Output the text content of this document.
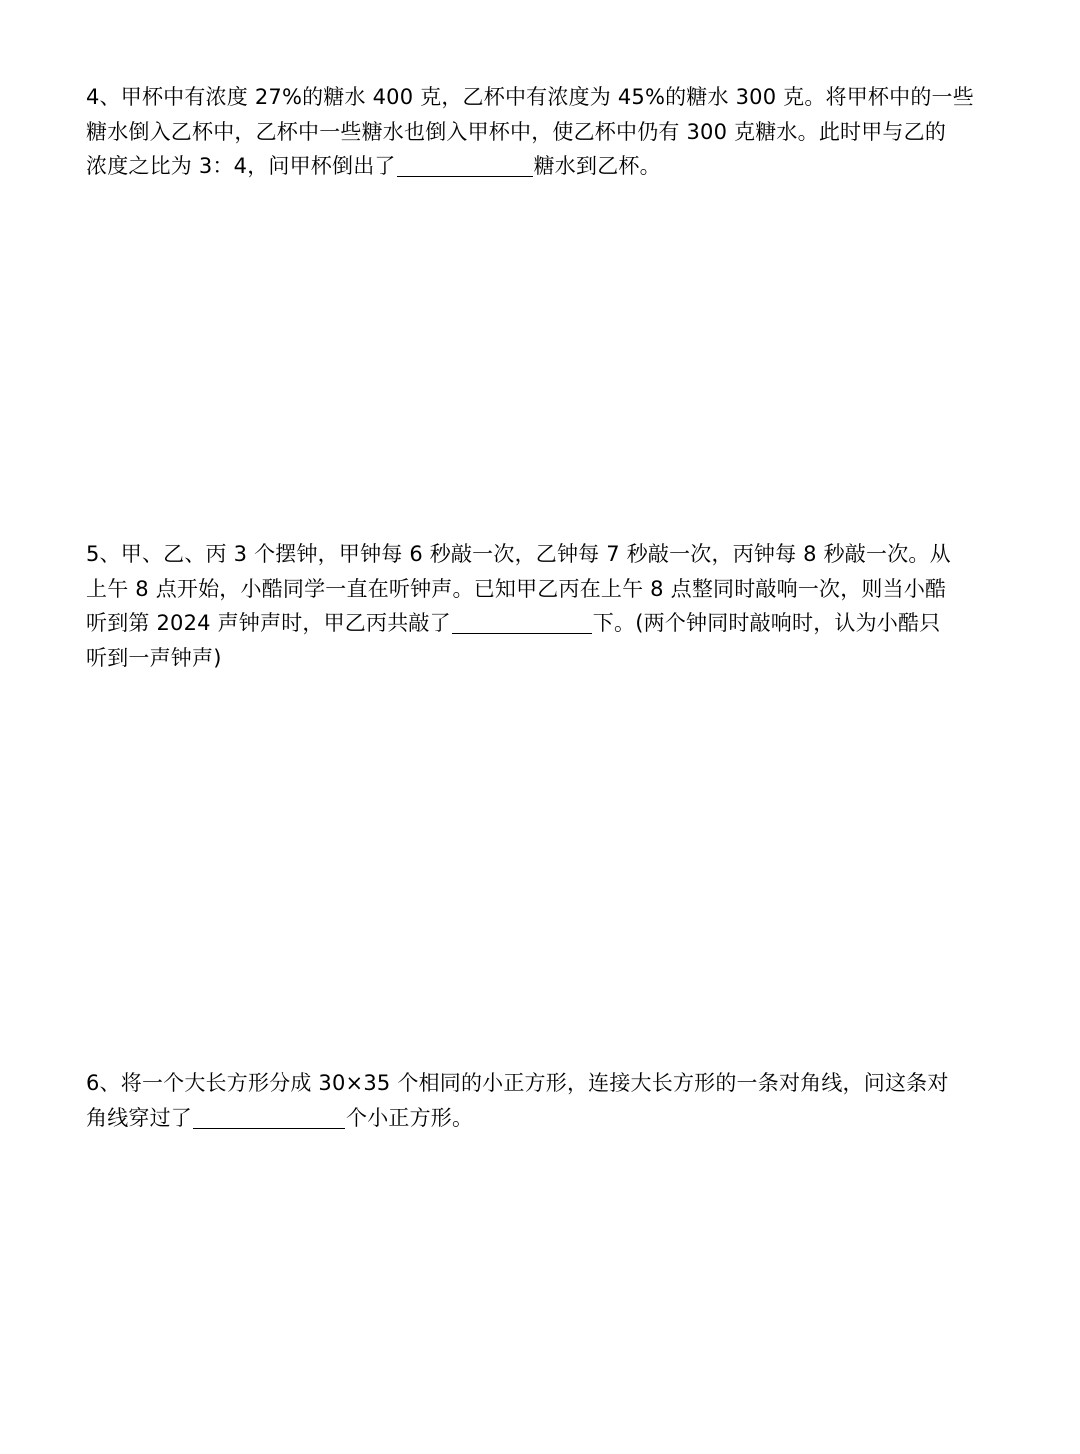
4、甲杯中有浓度 27%的糖水 400 克，乙杯中有浓度为 45%的糖水 300 克。将甲杯中的一些
糖水倒入乙杯中，乙杯中一些糖水也倒入甲杯中，使乙杯中仍有 300 克糖水。此时甲与乙的
浓度之比为 3：4，问甲杯倒出了	糖水到乙杯。
5、甲、乙、丙 3 个摆钟，甲钟每 6 秒敲一次，乙钟每 7 秒敲一次，丙钟每 8 秒敲一次。从
上午 8 点开始，小酷同学一直在听钟声。已知甲乙丙在上午 8 点整同时敲响一次，则当小酷
听到第 2024 声钟声时，甲乙丙共敲了	下。(两个钟同时敲响时，认为小酷只
听到一声钟声)
6、将一个大长方形分成 30×35 个相同的小正方形，连接大长方形的一条对角线，问这条对
角线穿过了	个小正方形。
